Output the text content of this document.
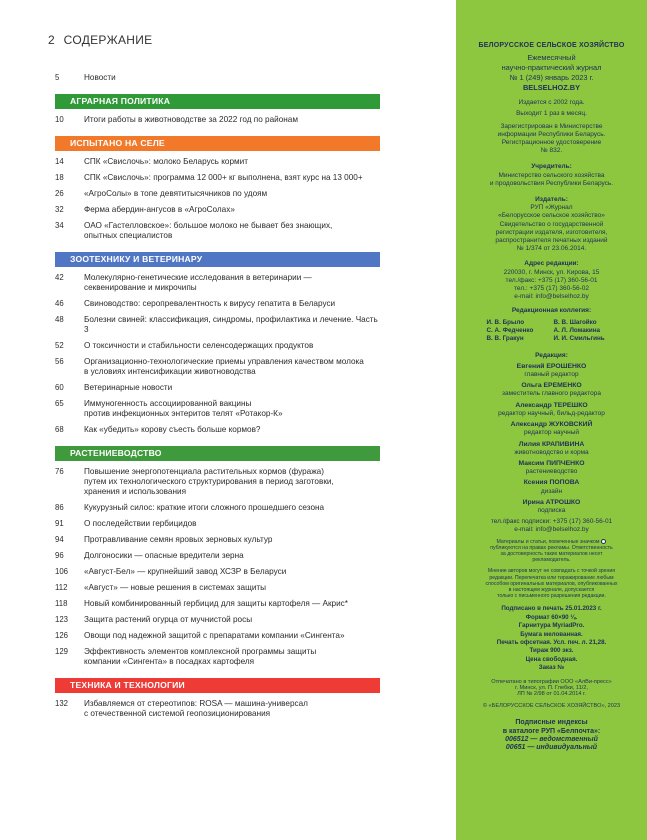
2 СОДЕРЖАНИЕ
5	Новости
АГРАРНАЯ ПОЛИТИКА
10	Итоги работы в животноводстве за 2022 год по районам
ИСПЫТАНО НА СЕЛЕ
14	СПК «Свислочь»: молоко Беларусь кормит
18	СПК «Свислочь»: программа 12 000+ кг выполнена, взят курс на 13 000+
26	«АгроСолы» в топе девятитысячников по удоям
32	Ферма абердин-ангусов в «АгроСолах»
34	ОАО «Гастелловское»: большое молоко не бывает без знающих,
опытных специалистов
ЗООТЕХНИКУ И ВЕТЕРИНАРУ
42	Молекулярно-генетические исследования в ветеринарии —
секвенирование и микрочипы
46	Свиноводство: серопревалентность к вирусу гепатита в Беларуси
48	Болезни свиней: классификация, синдромы, профилактика и лечение. Часть 3
52	О токсичности и стабильности селенсодержащих продуктов
56	Организационно-технологические приемы управления качеством молока
в условиях интенсификации животноводства
60	Ветеринарные новости
65	Иммуногенность ассоциированной вакцины
против инфекционных энтеритов телят «Ротакор-К»
68	Как «убедить» корову съесть больше кормов?
РАСТЕНИЕВОДСТВО
76	Повышение энергопотенциала растительных кормов (фуража)
путем их технологического структурирования в период заготовки,
хранения и использования
86	Кукурузный силос: краткие итоги сложного прошедшего сезона
91	О последействии гербицидов
94	Протравливание семян яровых зерновых культур
96	Долгоносики — опасные вредители зерна
106	«Август-Бел» — крупнейший завод ХСЗР в Беларуси
112	«Август» — новые решения в системах защиты
118	Новый комбинированный гербицид для защиты картофеля — Акрис*
123	Защита растений огурца от мучнистой росы
126	Овощи под надежной защитой с препаратами компании «Сингента»
129	Эффективность элементов комплексной программы защиты
компании «Сингента» в посадках картофеля
ТЕХНИКА И ТЕХНОЛОГИИ
132	Избавляемся от стереотипов: ROSA — машина-универсал
с отечественной системой геопозиционирования
БЕЛОРУССКОЕ СЕЛЬСКОЕ ХОЗЯЙСТВО
Ежемесячный
научно-практический журнал
№ 1 (249) январь 2023 г.
BELSELHOZ.BY
Издается с 2002 года.
Выходит 1 раз в месяц.
Зарегистрирован в Министерстве
информации Республики Беларусь.
Регистрационное удостоверение
№ 832.
Учредитель:
Министерство сельского хозяйства
и продовольствия Республики Беларусь.
Издатель:
РУП «Журнал
«Белорусское сельское хозяйство»
Свидетельство о государственной
регистрации издателя, изготовителя,
распространителя печатных изданий
№ 1/374 от 23.06.2014.
Адрес редакции:
220030, г. Минск, ул. Кирова, 15
тел./факс: +375 (17) 360-56-01
тел.: +375 (17) 360-56-02
e-mail: info@belselhoz.by
Редакционная коллегия:
И. В. Брыло	В. В. Шагойко
С. А. Федченко	А. Л. Ломакина
В. В. Гракун	И. И. Смильгинь
Редакция:
Евгений ЕРОШЕНКО
главный редактор
Ольга ЕРЕМЕНКО
заместитель главного редактора
Александр ТЕРЕШКО
редактор научный, бильд-редактор
Александр ЖУКОВСКИЙ
редактор научный
Лилия КРАПИВИНА
животноводство и корма
Максим ПИПЧЕНКО
растениеводство
Ксения ПОПОВА
дизайн
Ирина АТРОШКО
подписка
тел./факс подписки: +375 (17) 360-56-01
e-mail: info@belselhoz.by
Материалы и статьи, помеченные значком
публикуются на правах рекламы. Ответственность
за достоверность таких материалов несет
рекламодатель.
Мнение авторов могут не совпадать с точкой зрения
редакции. Перепечатка или тиражирование любым
способом оригинальных материалов, опубликованных
в настоящем журнале, допускается
только с письменного разрешения редакции.
Подписано в печать 25.01.2023 г.
Формат 60×90 ⅛.
Гарнитура MyriadPro.
Бумага мелованная.
Печать офсетная. Усл. печ. л. 21,28.
Тираж 900 экз.
Цена свободная.
Заказ №
Отпечатано в типографии ООО «АлВи-пресс»
г. Минск, ул. П. Глебки, 11/2,
ЛП № 2/98 от 01.04.2014 г.
© «БЕЛОРУССКОЕ СЕЛЬСКОЕ ХОЗЯЙСТВО», 2023
Подписные индексы
в каталоге РУП «Белпочта»:
006512 — ведомственный
00651 — индивидуальный
